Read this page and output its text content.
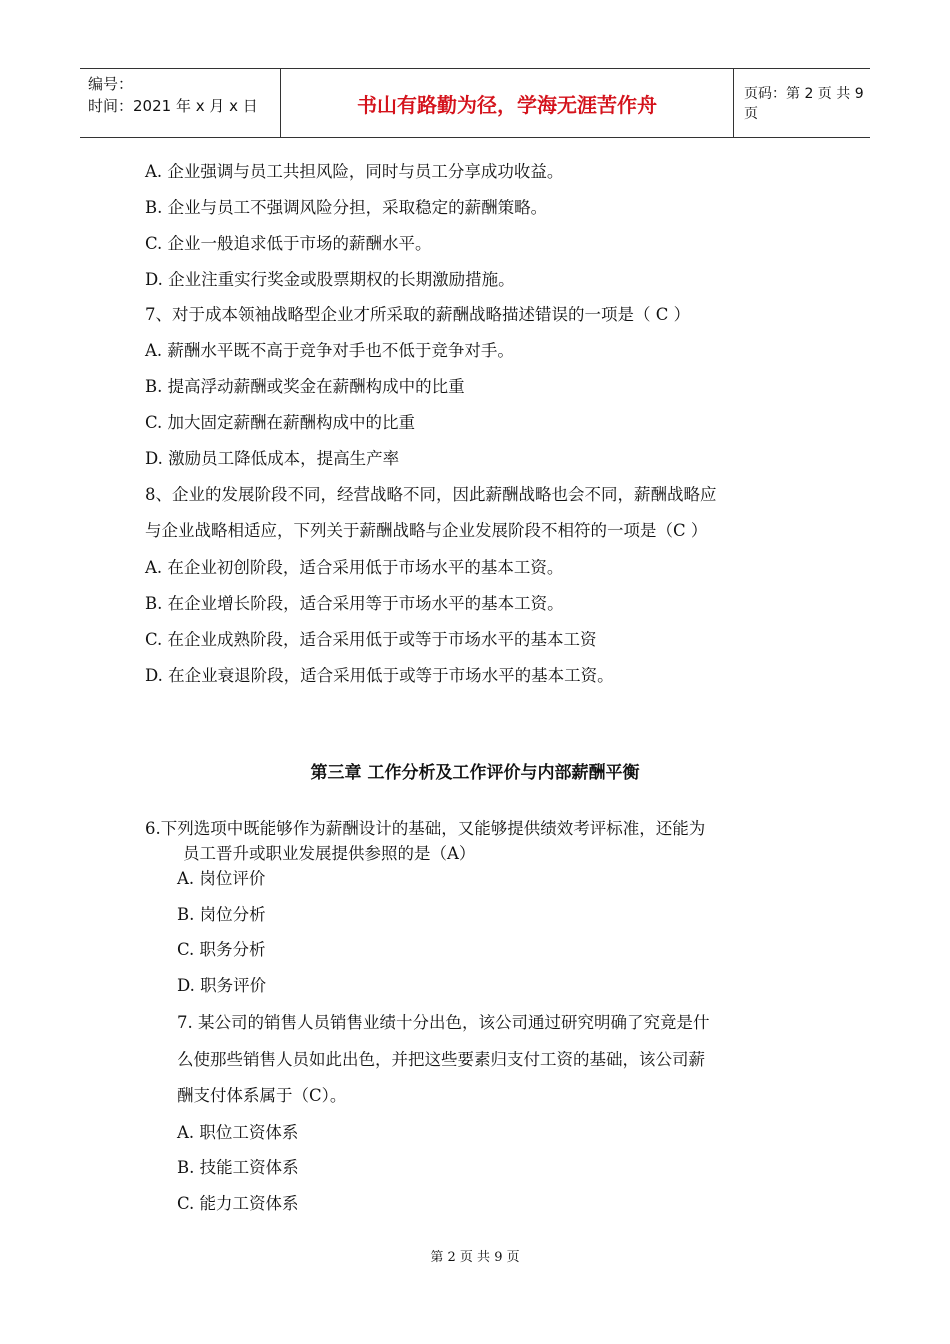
编号：
时间：2021 年 x 月 x 日	书山有路勤为径，学海无涯苦作舟	页码：第 2 页 共 9 页
A. 企业强调与员工共担风险，同时与员工分享成功收益。
B. 企业与员工不强调风险分担，采取稳定的薪酬策略。
C. 企业一般追求低于市场的薪酬水平。
D. 企业注重实行奖金或股票期权的长期激励措施。
7、对于成本领袖战略型企业才所采取的薪酬战略描述错误的一项是（ C ）
A. 薪酬水平既不高于竞争对手也不低于竞争对手。
B. 提高浮动薪酬或奖金在薪酬构成中的比重
C. 加大固定薪酬在薪酬构成中的比重
D. 激励员工降低成本，提高生产率
8、企业的发展阶段不同，经营战略不同，因此薪酬战略也会不同，薪酬战略应
与企业战略相适应，下列关于薪酬战略与企业发展阶段不相符的一项是（C ）
A. 在企业初创阶段，适合采用低于市场水平的基本工资。
B. 在企业增长阶段，适合采用等于市场水平的基本工资。
C. 在企业成熟阶段，适合采用低于或等于市场水平的基本工资
D. 在企业衰退阶段，适合采用低于或等于市场水平的基本工资。
第三章 工作分析及工作评价与内部薪酬平衡
6.下列选项中既能够作为薪酬设计的基础，又能够提供绩效考评标准，还能为
员工晋升或职业发展提供参照的是（A）
A. 岗位评价
B. 岗位分析
C. 职务分析
D. 职务评价
7. 某公司的销售人员销售业绩十分出色，该公司通过研究明确了究竟是什
么使那些销售人员如此出色，并把这些要素归支付工资的基础，该公司薪
酬支付体系属于（C）。
A. 职位工资体系
B. 技能工资体系
C. 能力工资体系
第 2 页 共 9 页
